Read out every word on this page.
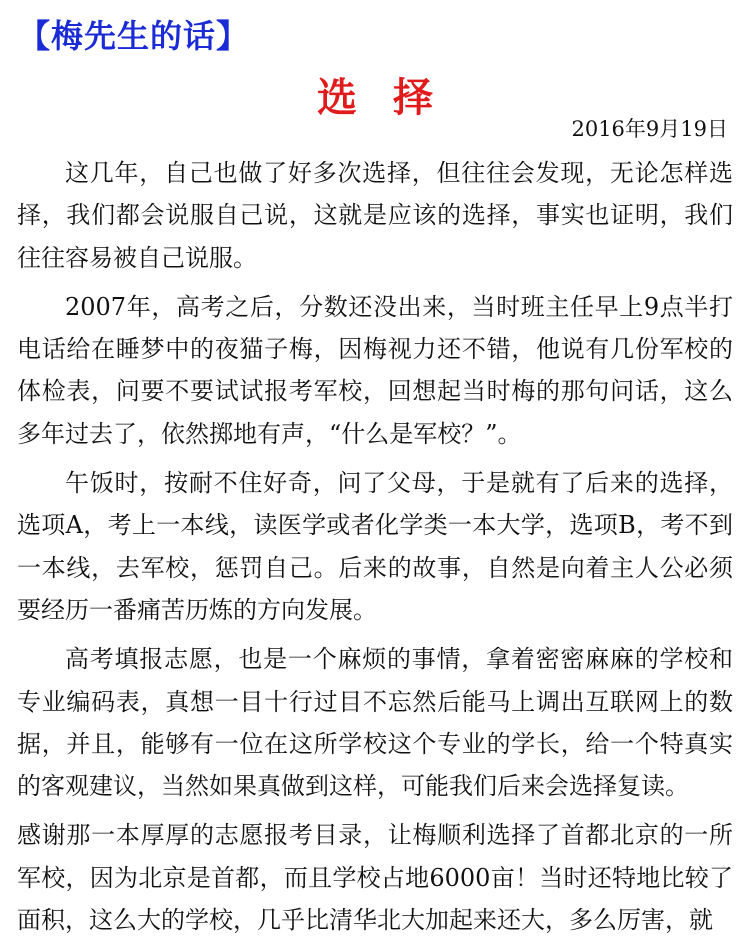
【梅先生的话】
选择
2016年9月19日

这几年，自己也做了好多次选择，但往往会发现，无论怎样选择，我们都会说服自己说，这就是应该的选择，事实也证明，我们往往容易被自己说服。

2007年，高考之后，分数还没出来，当时班主任早上9点半打电话给在睡梦中的夜猫子梅，因梅视力还不错，他说有几份军校的体检表，问要不要试试报考军校，回想起当时梅的那句问话，这么多年过去了，依然掷地有声，“什么是军校？”。

午饭时，按耐不住好奇，问了父母，于是就有了后来的选择，选项A，考上一本线，读医学或者化学类一本大学，选项B，考不到一本线，去军校，惩罚自己。后来的故事，自然是向着主人公必须要经历一番痛苦历炼的方向发展。

高考填报志愿，也是一个麻烦的事情，拿着密密麻麻的学校和专业编码表，真想一目十行过目不忘然后能马上调出互联网上的数据，并且，能够有一位在这所学校这个专业的学长，给一个特真实的客观建议，当然如果真做到这样，可能我们后来会选择复读。

感谢那一本厚厚的志愿报考目录，让梅顺利选择了首都北京的一所军校，因为北京是首都，而且学校占地6000亩！当时还特地比较了面积，这么大的学校，几乎比清华北大加起来还大，多么厉害，就
